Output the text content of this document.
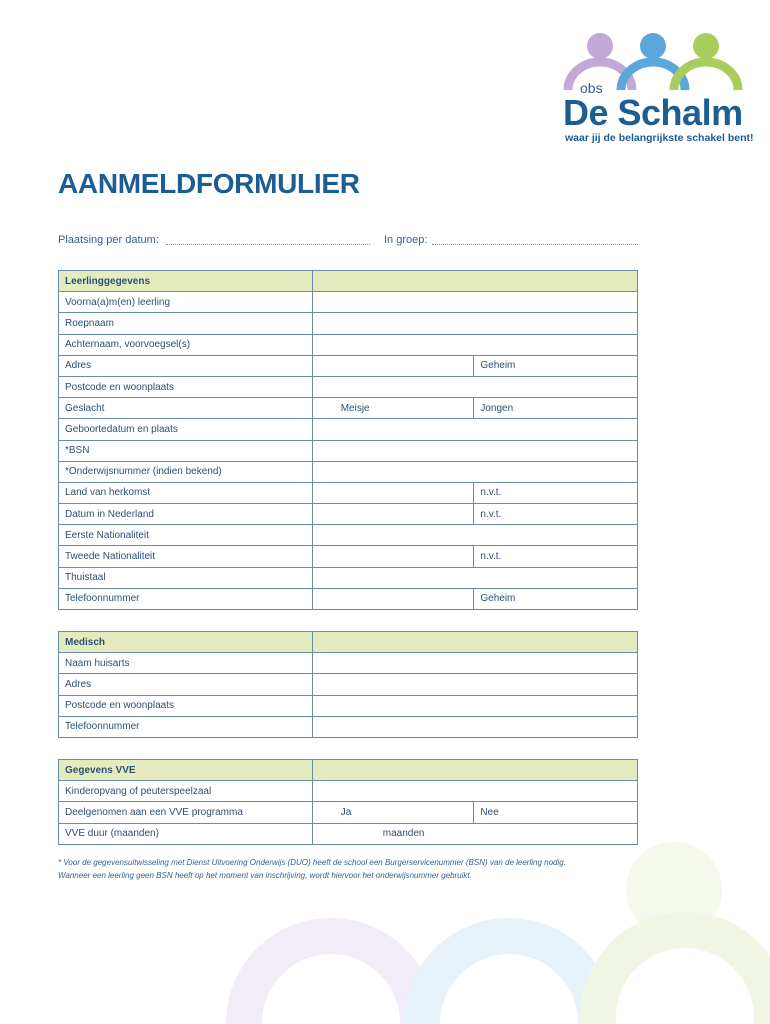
obs
De Schalm
waar jij de belangrijkste schakel bent!
AANMELDFORMULIER
Plaatsing per datum:	In groep:
Leerlinggegevens		
Voorna(a)m(en) leerling		
Roepnaam		
Achternaam, voorvoegsel(s)		
Adres		Geheim
Postcode en woonplaats		
Geslacht	Meisje	Jongen
Geboortedatum en plaats		
*BSN		
*Onderwijsnummer (indien bekend)		
Land van herkomst		n.v.t.
Datum in Nederland		n.v.t.
Eerste Nationaliteit		
Tweede Nationaliteit		n.v.t.
Thuistaal		
Telefoonnummer		Geheim
Medisch	
Naam huisarts	
Adres	
Postcode en woonplaats	
Telefoonnummer	
Gegevens VVE		
Kinderopvang of peuterspeelzaal		
Deelgenomen aan een VVE programma	Ja	Nee
VVE duur (maanden)	maanden	
* Voor de gegevensuitwisseling met Dienst Uitvoering Onderwijs (DUO) heeft de school een Burgerservicenummer (BSN) van de leerling nodig.
Wanneer een leerling geen BSN heeft op het moment van inschrijving, wordt hiervoor het onderwijsnummer gebruikt.
